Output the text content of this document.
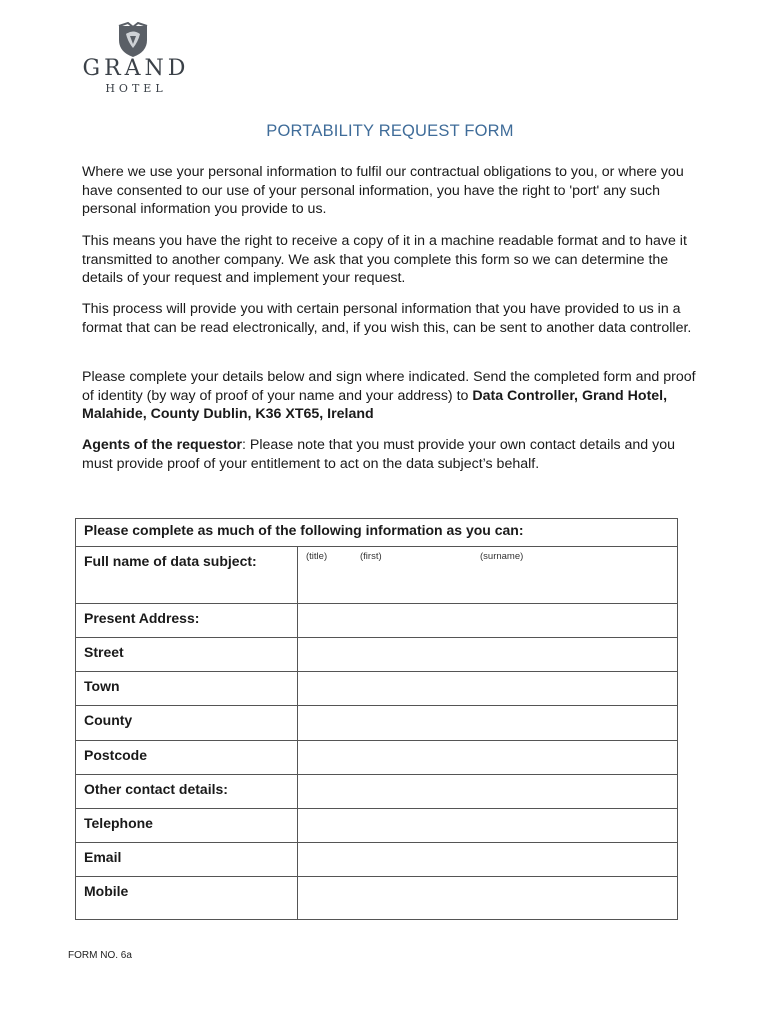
GRAND
HOTEL
PORTABILITY REQUEST FORM

Where we use your personal information to fulfil our contractual obligations to you, or where you have consented to our use of your personal information, you have the right to 'port' any such personal information you provide to us.

This means you have the right to receive a copy of it in a machine readable format and to have it transmitted to another company. We ask that you complete this form so we can determine the details of your request and implement your request.

This process will provide you with certain personal information that you have provided to us in a format that can be read electronically, and, if you wish this, can be sent to another data controller.

Please complete your details below and sign where indicated. Send the completed form and proof of identity (by way of proof of your name and your address) to Data Controller, Grand Hotel, Malahide, County Dublin, K36 XT65, Ireland

Agents of the requestor: Please note that you must provide your own contact details and you must provide proof of your entitlement to act on the data subject’s behalf.

Please complete as much of the following information as you can:	
Full name of data subject:	(title) (first) (surname)

Present Address:	
Street	
Town	
County	
Postcode	
Other contact details:	
Telephone	
Email	
Mobile	
FORM NO. 6a
